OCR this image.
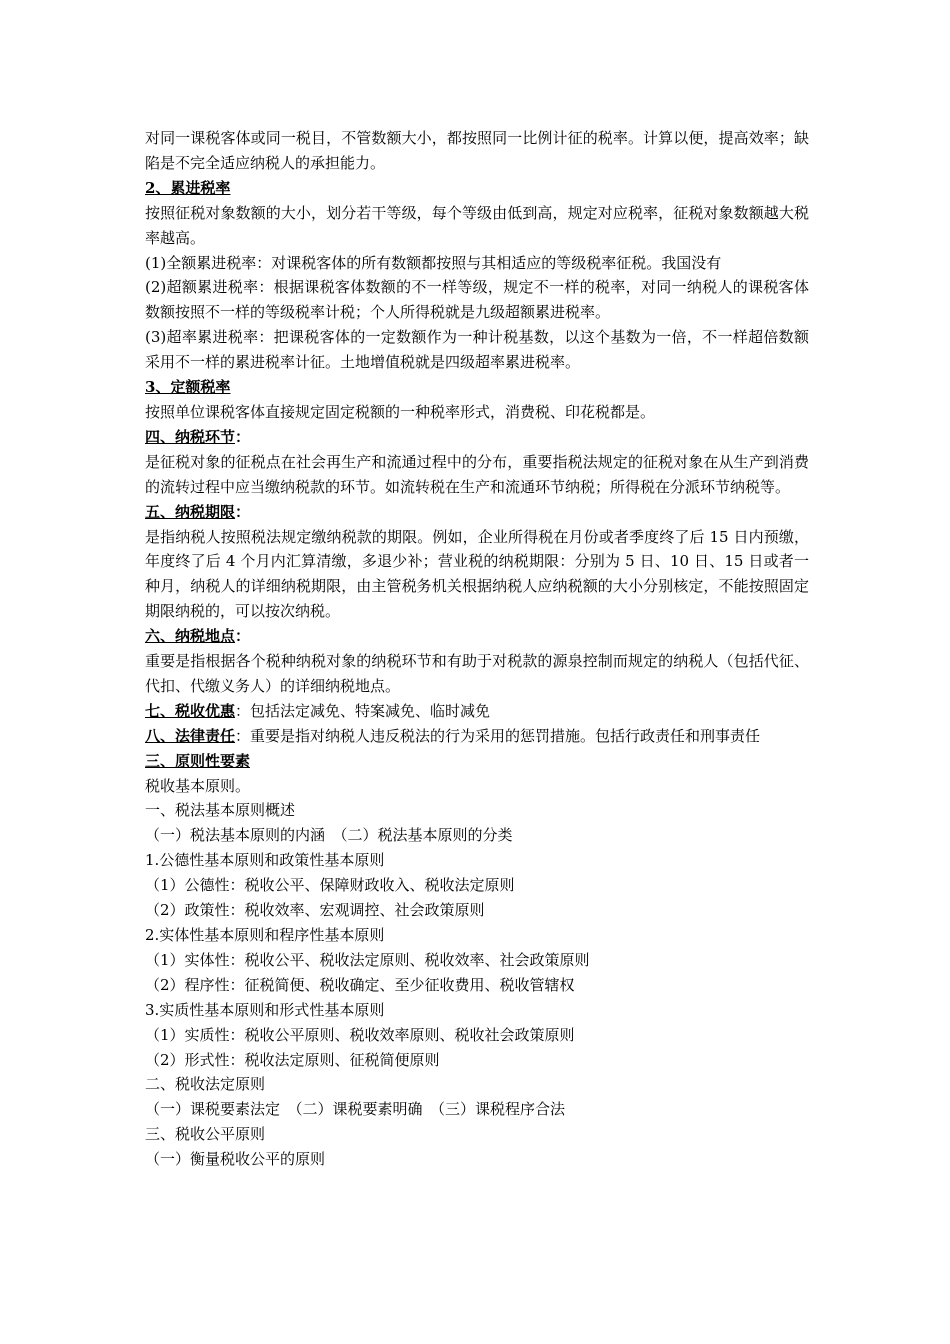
对同一课税客体或同一税目，不管数额大小，都按照同一比例计征的税率。计算以便，提高效率；缺陷是不完全适应纳税人的承担能力。

2、累进税率

按照征税对象数额的大小，划分若干等级，每个等级由低到高，规定对应税率，征税对象数额越大税率越高。

(1)全额累进税率：对课税客体的所有数额都按照与其相适应的等级税率征税。我国没有

(2)超额累进税率：根据课税客体数额的不一样等级，规定不一样的税率，对同一纳税人的课税客体数额按照不一样的等级税率计税；个人所得税就是九级超额累进税率。

(3)超率累进税率：把课税客体的一定数额作为一种计税基数，以这个基数为一倍，不一样超倍数额采用不一样的累进税率计征。土地增值税就是四级超率累进税率。

3、定额税率

按照单位课税客体直接规定固定税额的一种税率形式，消费税、印花税都是。

四、纳税环节：

是征税对象的征税点在社会再生产和流通过程中的分布，重要指税法规定的征税对象在从生产到消费的流转过程中应当缴纳税款的环节。如流转税在生产和流通环节纳税；所得税在分派环节纳税等。

五、纳税期限：

是指纳税人按照税法规定缴纳税款的期限。例如，企业所得税在月份或者季度终了后 15 日内预缴，年度终了后 4 个月内汇算清缴，多退少补；营业税的纳税期限：分别为 5 日、10 日、15 日或者一种月，纳税人的详细纳税期限，由主管税务机关根据纳税人应纳税额的大小分别核定，不能按照固定期限纳税的，可以按次纳税。

六、纳税地点：

重要是指根据各个税种纳税对象的纳税环节和有助于对税款的源泉控制而规定的纳税人（包括代征、代扣、代缴义务人）的详细纳税地点。

七、税收优惠：包括法定减免、特案减免、临时减免

八、法律责任：重要是指对纳税人违反税法的行为采用的惩罚措施。包括行政责任和刑事责任

三、原则性要素

税收基本原则。

一、税法基本原则概述

（一）税法基本原则的内涵　（二）税法基本原则的分类

1.公德性基本原则和政策性基本原则

（1）公德性：税收公平、保障财政收入、税收法定原则

（2）政策性：税收效率、宏观调控、社会政策原则

2.实体性基本原则和程序性基本原则

（1）实体性：税收公平、税收法定原则、税收效率、社会政策原则

（2）程序性：征税简便、税收确定、至少征收费用、税收管辖权

3.实质性基本原则和形式性基本原则

（1）实质性：税收公平原则、税收效率原则、税收社会政策原则

（2）形式性：税收法定原则、征税简便原则

二、税收法定原则

（一）课税要素法定　（二）课税要素明确　（三）课税程序合法

三、税收公平原则

（一）衡量税收公平的原则
